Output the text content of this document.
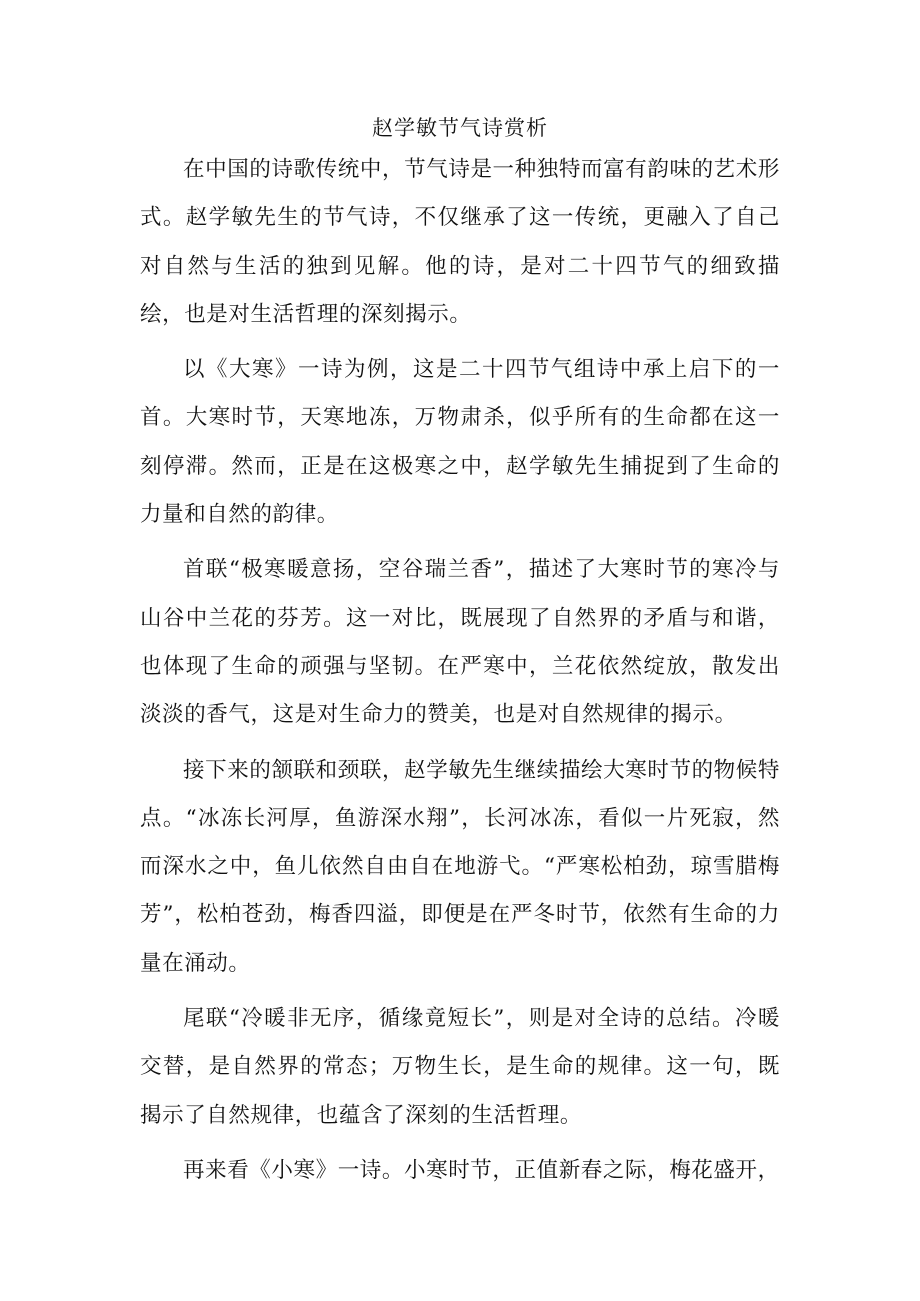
赵学敏节气诗赏析

在中国的诗歌传统中，节气诗是一种独特而富有韵味的艺术形式。赵学敏先生的节气诗，不仅继承了这一传统，更融入了自己对自然与生活的独到见解。他的诗，是对二十四节气的细致描绘，也是对生活哲理的深刻揭示。

以《大寒》一诗为例，这是二十四节气组诗中承上启下的一首。大寒时节，天寒地冻，万物肃杀，似乎所有的生命都在这一刻停滞。然而，正是在这极寒之中，赵学敏先生捕捉到了生命的力量和自然的韵律。

首联“极寒暖意扬，空谷瑞兰香”，描述了大寒时节的寒冷与山谷中兰花的芬芳。这一对比，既展现了自然界的矛盾与和谐，也体现了生命的顽强与坚韧。在严寒中，兰花依然绽放，散发出淡淡的香气，这是对生命力的赞美，也是对自然规律的揭示。

接下来的颔联和颈联，赵学敏先生继续描绘大寒时节的物候特点。“冰冻长河厚，鱼游深水翔”，长河冰冻，看似一片死寂，然而深水之中，鱼儿依然自由自在地游弋。“严寒松柏劲，琼雪腊梅芳”，松柏苍劲，梅香四溢，即便是在严冬时节，依然有生命的力量在涌动。

尾联“冷暖非无序，循缘竟短长”，则是对全诗的总结。冷暖交替，是自然界的常态；万物生长，是生命的规律。这一句，既揭示了自然规律，也蕴含了深刻的生活哲理。

再来看《小寒》一诗。小寒时节，正值新春之际，梅花盛开，
